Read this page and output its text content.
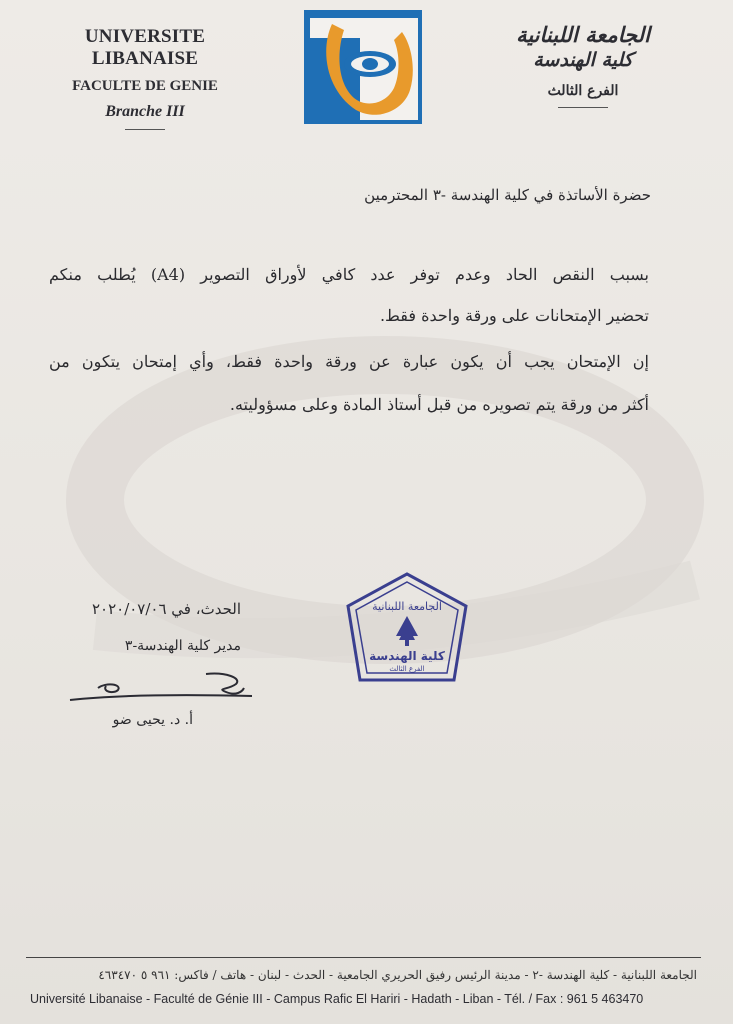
UNIVERSITE LIBANAISE
FACULTE DE GENIE
Branche III
الجامعة اللبنانية
كلية الهندسة
الفرع الثالث
حضرة الأساتذة في كلية الهندسة -٣ المحترمين
بسبب النقص الحاد وعدم توفر عدد كافي لأوراق التصوير (A4) يُطلب منكم
تحضير الإمتحانات على ورقة واحدة فقط.
إن الإمتحان يجب أن يكون عبارة عن ورقة واحدة فقط، وأي إمتحان يتكون من
أكثر من ورقة يتم تصويره من قبل أستاذ المادة وعلى مسؤوليته.
الحدث، في ٢٠٢٠/٠٧/٠٦
مدير كلية الهندسة-٣
أ. د. يحيى ضو
الجامعة اللبنانية
كلية الهندسة
الفرع الثالث
الجامعة اللبنانية - كلية الهندسة -٢ - مدينة الرئيس رفيق الحريري الجامعية - الحدث - لبنان - هاتف / فاكس: ٩٦١ ٥ ٤٦٣٤٧٠
Université Libanaise - Faculté de Génie III - Campus Rafic El Hariri - Hadath - Liban - Tél. / Fax : 961 5 463470
